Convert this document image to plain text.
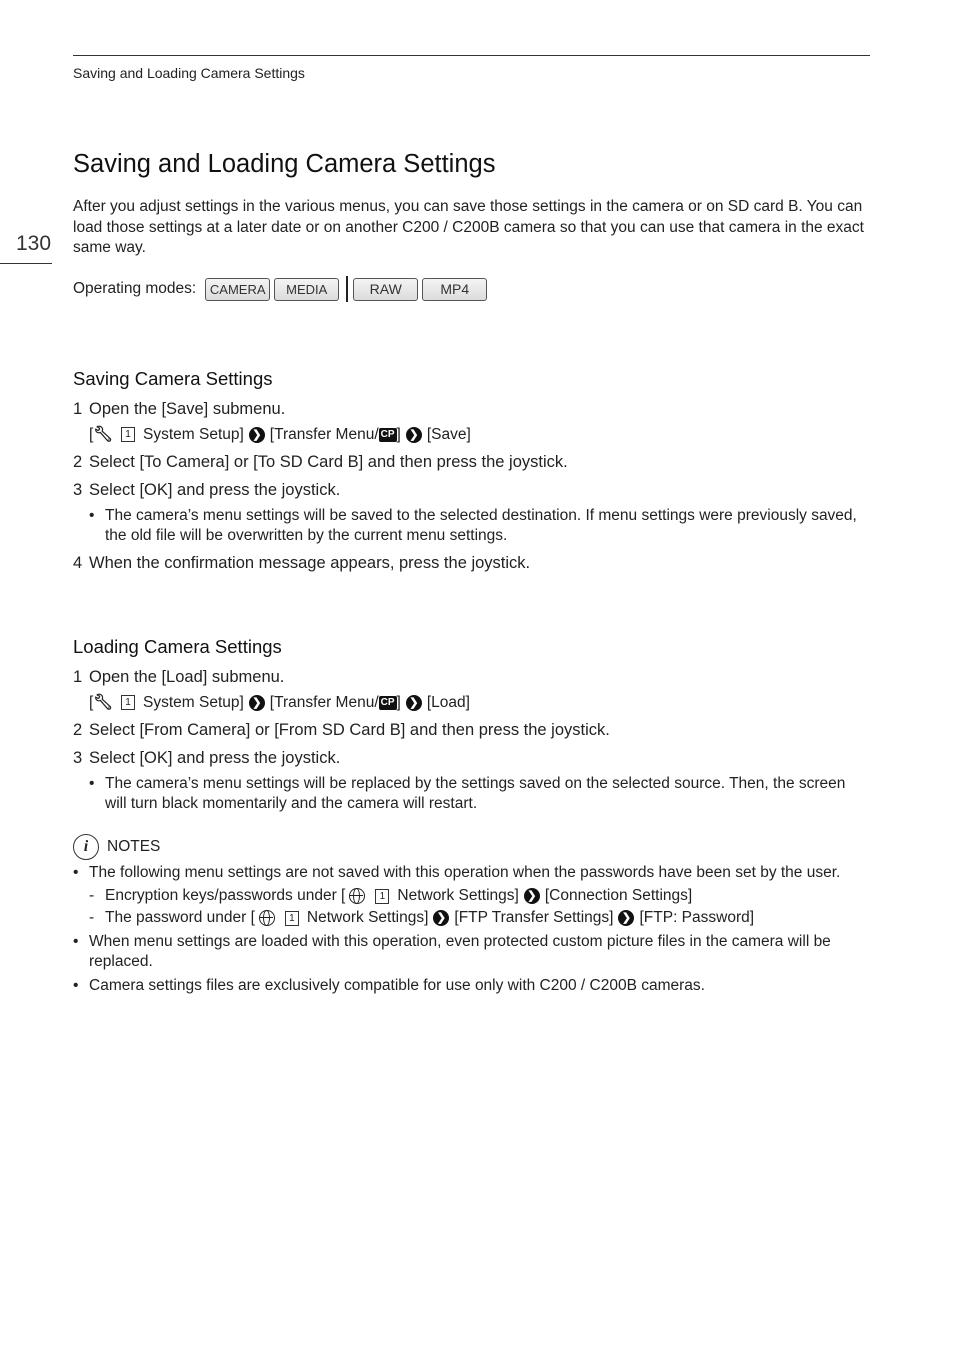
Saving and Loading Camera Settings
130
Saving and Loading Camera Settings
After you adjust settings in the various menus, you can save those settings in the camera or on SD card B. You can load those settings at a later date or on another C200 / C200B camera so that you can use that camera in the exact same way.
Operating modes:	CAMERA	MEDIA	RAW	MP4
Saving Camera Settings
1 Open the [Save] submenu.
[ 🔧︎	1 System Setup] ❯ [Transfer Menu/ CP ] ❯ [Save]
2 Select [To Camera] or [To SD Card B] and then press the joystick.
3 Select [OK] and press the joystick.
• The camera’s menu settings will be saved to the selected destination. If menu settings were previously saved, the old file will be overwritten by the current menu settings.
4 When the confirmation message appears, press the joystick.
Loading Camera Settings
1 Open the [Load] submenu.
[ 🔧︎	1 System Setup] ❯ [Transfer Menu/ CP ] ❯ [Load]
2 Select [From Camera] or [From SD Card B] and then press the joystick.
3 Select [OK] and press the joystick.
• The camera’s menu settings will be replaced by the settings saved on the selected source. Then, the screen will turn black momentarily and the camera will restart.
i	NOTES
• The following menu settings are not saved with this operation when the passwords have been set by the user.
- Encryption keys/passwords under [	1 Network Settings] ❯ [Connection Settings]
- The password under [	1 Network Settings] ❯ [FTP Transfer Settings] ❯ [FTP: Password]
• When menu settings are loaded with this operation, even protected custom picture files in the camera will be replaced.
• Camera settings files are exclusively compatible for use only with C200 / C200B cameras.
